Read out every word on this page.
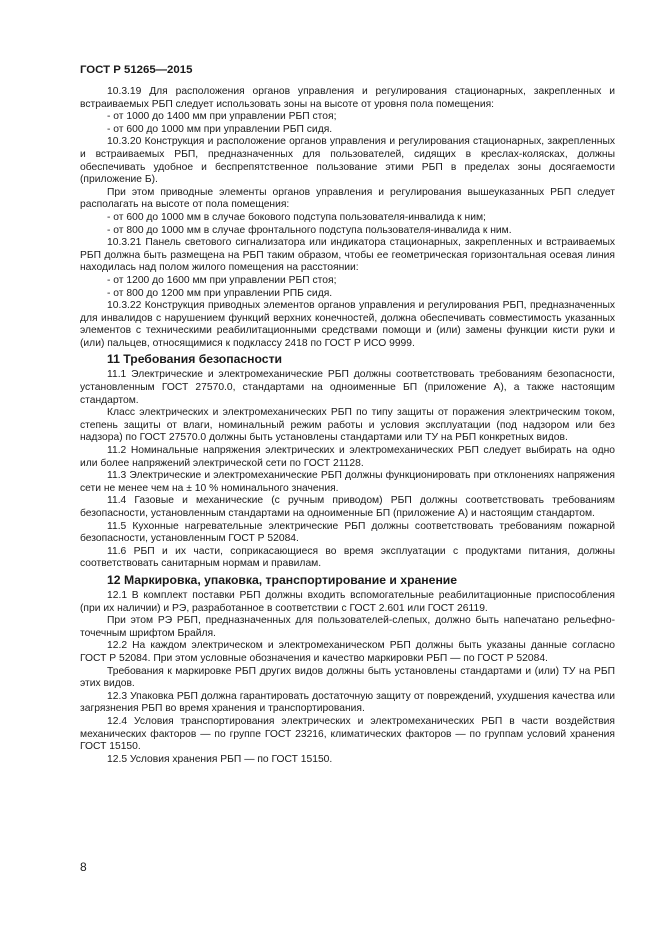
ГОСТ Р 51265—2015

10.3.19 Для расположения органов управления и регулирования стационарных, закрепленных и встраиваемых РБП следует использовать зоны на высоте от уровня пола помещения:

- от 1000 до 1400 мм при управлении РБП стоя;

- от 600 до 1000 мм при управлении РБП сидя.

10.3.20 Конструкция и расположение органов управления и регулирования стационарных, закрепленных и встраиваемых РБП, предназначенных для пользователей, сидящих в креслах-колясках, должны обеспечивать удобное и беспрепятственное пользование этими РБП в пределах зоны досягаемости (приложение Б).

При этом приводные элементы органов управления и регулирования вышеуказанных РБП следует располагать на высоте от пола помещения:

- от 600 до 1000 мм в случае бокового подступа пользователя-инвалида к ним;

- от 800 до 1000 мм в случае фронтального подступа пользователя-инвалида к ним.

10.3.21 Панель светового сигнализатора или индикатора стационарных, закрепленных и встраиваемых РБП должна быть размещена на РБП таким образом, чтобы ее геометрическая горизонтальная осевая линия находилась над полом жилого помещения на расстоянии:

- от 1200 до 1600 мм при управлении РБП стоя;

- от 800 до 1200 мм при управлении РПБ сидя.

10.3.22 Конструкция приводных элементов органов управления и регулирования РБП, предназначенных для инвалидов с нарушением функций верхних конечностей, должна обеспечивать совместимость указанных элементов с техническими реабилитационными средствами помощи и (или) замены функции кисти руки и (или) пальцев, относящимися к подклассу 2418 по ГОСТ Р ИСО 9999.

11 Требования безопасности

11.1 Электрические и электромеханические РБП должны соответствовать требованиям безопасности, установленным ГОСТ 27570.0, стандартами на одноименные БП (приложение А), а также настоящим стандартом.

Класс электрических и электромеханических РБП по типу защиты от поражения электрическим током, степень защиты от влаги, номинальный режим работы и условия эксплуатации (под надзором или без надзора) по ГОСТ 27570.0 должны быть установлены стандартами или ТУ на РБП конкретных видов.

11.2 Номинальные напряжения электрических и электромеханических РБП следует выбирать на одно или более напряжений электрической сети по ГОСТ 21128.

11.3 Электрические и электромеханические РБП должны функционировать при отклонениях напряжения сети не менее чем на ± 10 % номинального значения.

11.4 Газовые и механические (с ручным приводом) РБП должны соответствовать требованиям безопасности, установленным стандартами на одноименные БП (приложение А) и настоящим стандартом.

11.5 Кухонные нагревательные электрические РБП должны соответствовать требованиям пожарной безопасности, установленным ГОСТ Р 52084.

11.6 РБП и их части, соприкасающиеся во время эксплуатации с продуктами питания, должны соответствовать санитарным нормам и правилам.

12 Маркировка, упаковка, транспортирование и хранение

12.1 В комплект поставки РБП должны входить вспомогательные реабилитационные приспособления (при их наличии) и РЭ, разработанное в соответствии с ГОСТ 2.601 или ГОСТ 26119.

При этом РЭ РБП, предназначенных для пользователей-слепых, должно быть напечатано рельефно-точечным шрифтом Брайля.

12.2 На каждом электрическом и электромеханическом РБП должны быть указаны данные согласно ГОСТ Р 52084. При этом условные обозначения и качество маркировки РБП — по ГОСТ Р 52084.

Требования к маркировке РБП других видов должны быть установлены стандартами и (или) ТУ на РБП этих видов.

12.3 Упаковка РБП должна гарантировать достаточную защиту от повреждений, ухудшения качества или загрязнения РБП во время хранения и транспортирования.

12.4 Условия транспортирования электрических и электромеханических РБП в части воздействия механических факторов — по группе ГОСТ 23216, климатических факторов — по группам условий хранения ГОСТ 15150.

12.5 Условия хранения РБП — по ГОСТ 15150.

8
